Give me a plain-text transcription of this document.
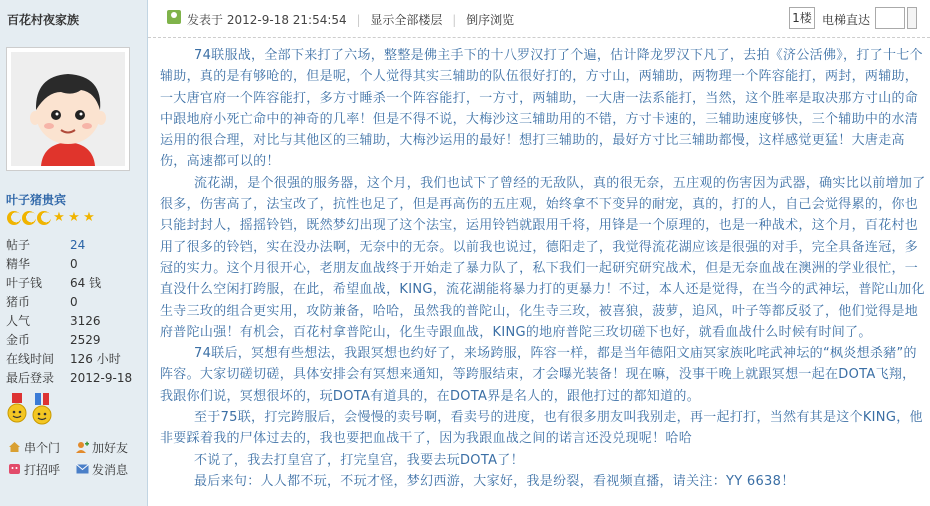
百花村夜家族
叶子猪贵宾
★ ★ ★
帖子	24
精华	0
叶子钱	64 钱
猪币	0
人气	3126
金币	2529
在线时间	126 小时
最后登录	2012-9-18
串个门	加好友
打招呼	发消息
发表于 2012-9-18 21:54:54 | 显示全部楼层 | 倒序浏览	1楼 电梯直达

74联服战，全部下来打了六场，整整是佛主手下的十八罗汉打了个遍，估计降龙罗汉下凡了，去拍《济公活佛》，打了十七个辅助，真的是有够呛的，但是呢，个人觉得其实三辅助的队伍很好打的，方寸山，两辅助，两物理一个阵容能打，两封，两辅助，一大唐官府一个阵容能打，多方寸睡杀一个阵容能打，一方寸，两辅助，一大唐一法系能打，当然，这个胜率是取决那方寸山的命中跟地府小死亡命中的神奇的几率！但是不得不说，大梅沙这三辅助用的不错，方寸卡速的，三辅助速度够快，三个辅助中的水清运用的很合理，对比与其他区的三辅助，大梅沙运用的最好！想打三辅助的，最好方寸比三辅助都慢，这样感觉更猛！大唐走高伤，高速都可以的！

流花湖，是个很强的服务器，这个月，我们也试下了曾经的无敌队，真的很无奈，五庄观的伤害因为武器，确实比以前增加了很多，伤害高了，法宝改了，抗性也足了，但是再高伤的五庄观，始终拿不下变异的耐宠，真的，打的人，自己会觉得累的，你也只能封封人，摇摇铃铛，既然梦幻出现了这个法宝，运用铃铛就跟用千将，用锋是一个原理的，也是一种战术，这个月，百花村也用了很多的铃铛，实在没办法啊，无奈中的无奈。以前我也说过，德阳走了，我觉得流花湖应该是很强的对手，完全具备连冠，多冠的实力。这个月很开心，老朋友血战终于开始走了暴力队了，私下我们一起研究研究战术，但是无奈血战在澳洲的学业很忙，一直没什么空闲打跨服，在此，希望血战，KING，流花湖能将暴力打的更暴力！不过，本人还是觉得，在当今的武神坛，普陀山加化生寺三玫的组合更实用，攻防兼备，哈哈，虽然我的普陀山，化生寺三玫，被喜狼，菠萝，追风，叶子等都反驳了，他们觉得是地府普陀山强！有机会，百花村拿普陀山，化生寺跟血战，KING的地府普陀三玫切磋下也好，就看血战什么时候有时间了。

74联后，冥想有些想法，我跟冥想也约好了，来场跨服，阵容一样，都是当年德阳文庙冥家族叱咤武神坛的“枫炎想杀豬”的阵容。大家切磋切磋，具体安排会有冥想来通知，等跨服结束，才会曝光装备！现在嘛，没事干晚上就跟冥想一起在DOTA飞翔，我跟你们说，冥想很坏的，玩DOTA有道具的，在DOTA界是名人的，跟他打过的都知道的。

至于75联，打完跨服后，会慢慢的卖号啊，看卖号的进度，也有很多朋友叫我别走，再一起打打，当然有其是这个KING，他非要踩着我的尸体过去的，我也要把血战干了，因为我跟血战之间的诺言还没兑现呢！哈哈

不说了，我去打皇宫了，打完皇宫，我要去玩DOTA了！

最后来句：人人都不玩，不玩才怪，梦幻西游，大家好，我是纷裂，看视频直播，请关注：YY 6638！
